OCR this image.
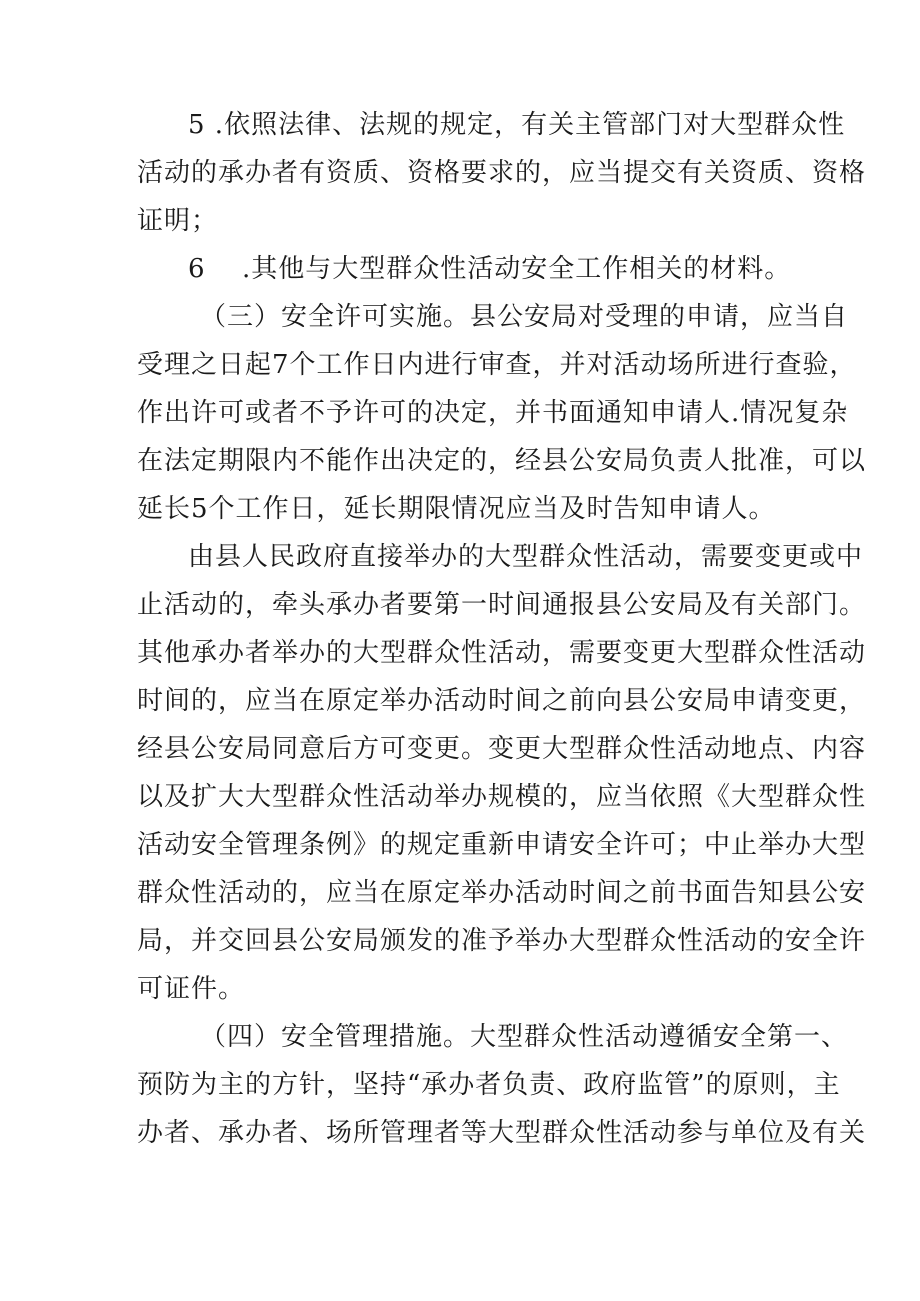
5 .依照法律、法规的规定，有关主管部门对大型群众性
活动的承办者有资质、资格要求的，应当提交有关资质、资格
证明；
6 .其他与大型群众性活动安全工作相关的材料。
（三）安全许可实施。县公安局对受理的申请，应当自
受理之日起7个工作日内进行审查，并对活动场所进行查验，
作出许可或者不予许可的决定，并书面通知申请人.情况复杂
在法定期限内不能作出决定的，经县公安局负责人批准，可以
延长5个工作日，延长期限情况应当及时告知申请人。
由县人民政府直接举办的大型群众性活动，需要变更或中
止活动的，牵头承办者要第一时间通报县公安局及有关部门。
其他承办者举办的大型群众性活动，需要变更大型群众性活动
时间的，应当在原定举办活动时间之前向县公安局申请变更，
经县公安局同意后方可变更。变更大型群众性活动地点、内容
以及扩大大型群众性活动举办规模的，应当依照《大型群众性
活动安全管理条例》的规定重新申请安全许可；中止举办大型
群众性活动的，应当在原定举办活动时间之前书面告知县公安
局，并交回县公安局颁发的准予举办大型群众性活动的安全许
可证件。
（四）安全管理措施。大型群众性活动遵循安全第一、
预防为主的方针，坚持“承办者负责、政府监管”的原则，主
办者、承办者、场所管理者等大型群众性活动参与单位及有关
